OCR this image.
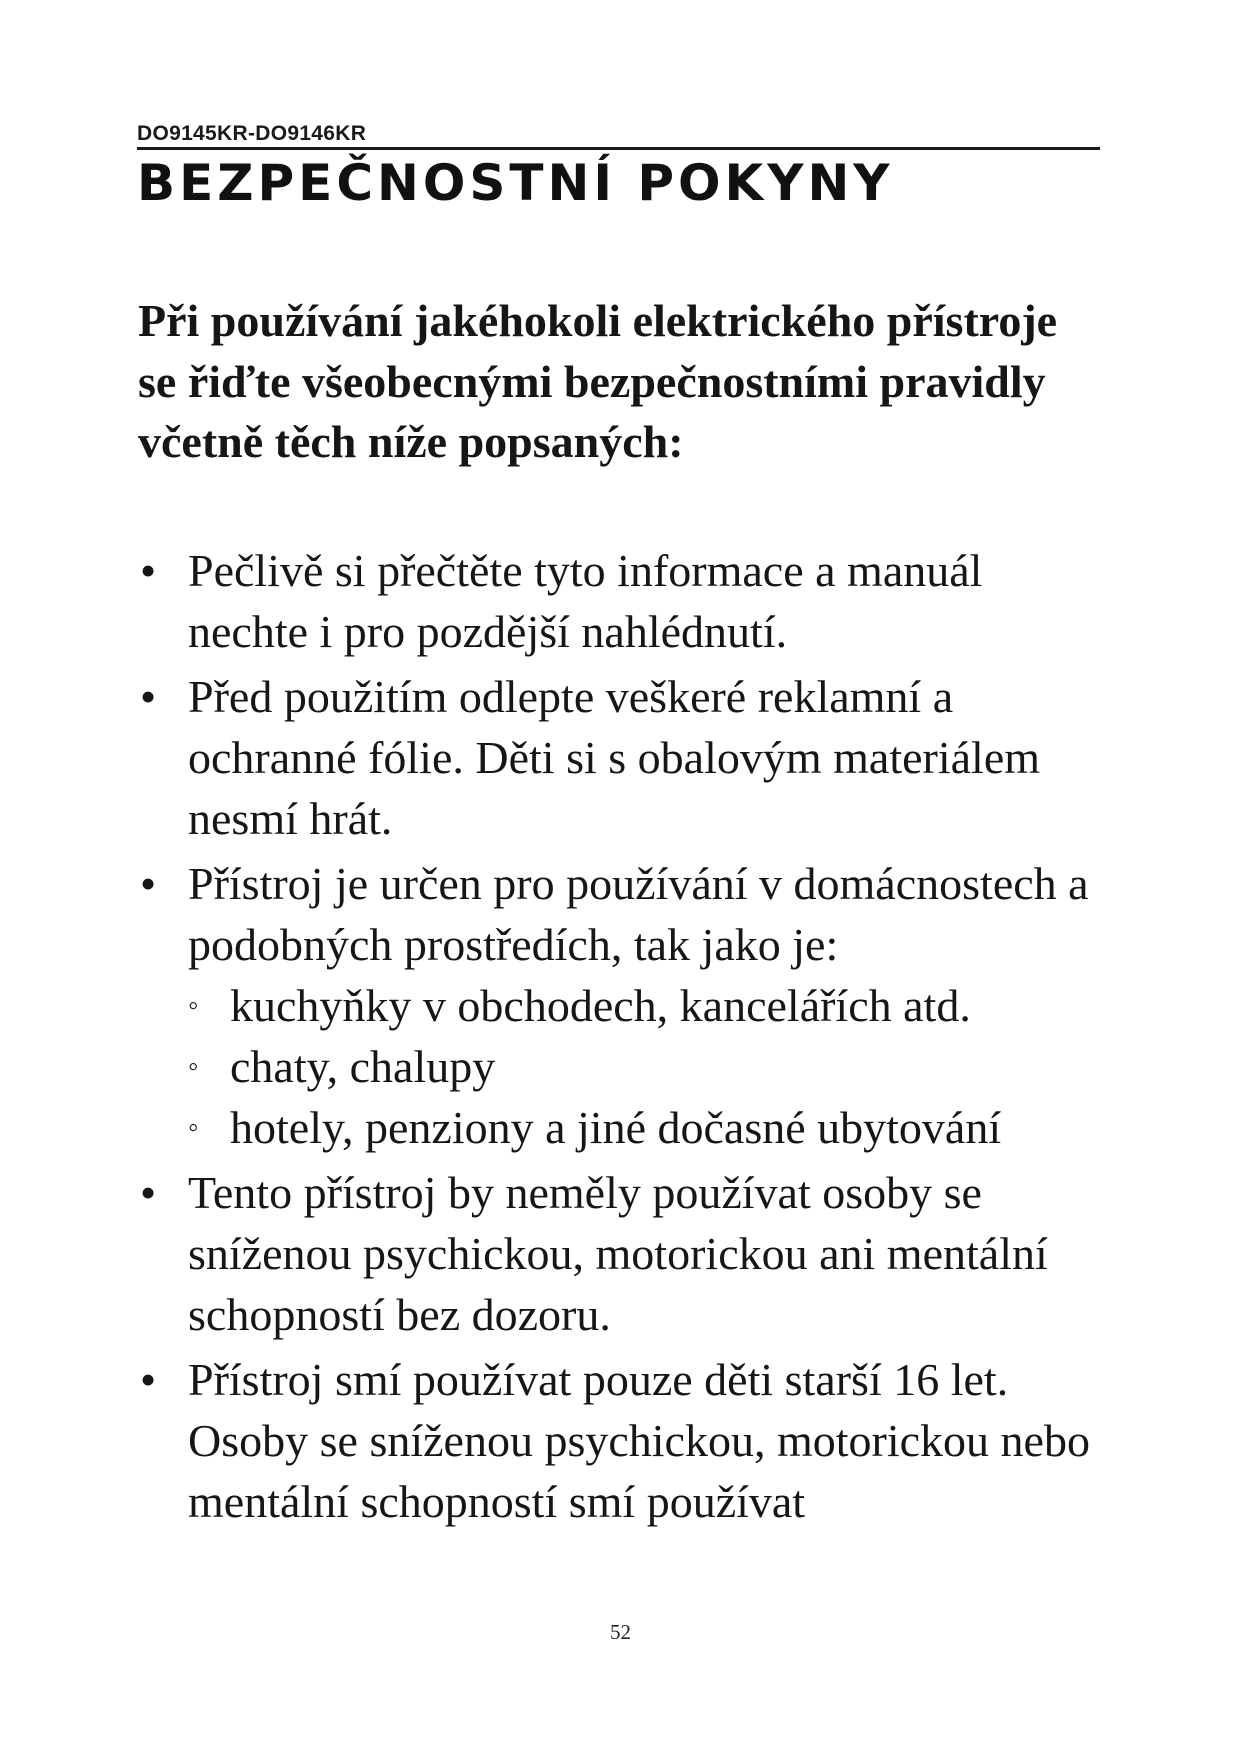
DO9145KR-DO9146KR
BEZPEČNOSTNÍ POKYNY

Při používání jakéhokoli elektrického přístroje se řiďte všeobecnými bezpečnostními pravidly včetně těch níže popsaných:

• Pečlivě si přečtěte tyto informace a manuál nechte i pro pozdější nahlédnutí.
• Před použitím odlepte veškeré reklamní a ochranné fólie. Děti si s obalovým materiálem nesmí hrát.
• Přístroj je určen pro používání v domácnostech a podobných prostředích, tak jako je:
◦ kuchyňky v obchodech, kancelářích atd.
◦ chaty, chalupy
◦ hotely, penziony a jiné dočasné ubytování
• Tento přístroj by neměly používat osoby se sníženou psychickou, motorickou ani mentální schopností bez dozoru.
• Přístroj smí používat pouze děti starší 16 let. Osoby se sníženou psychickou, motorickou nebo mentální schopností smí používat
52
